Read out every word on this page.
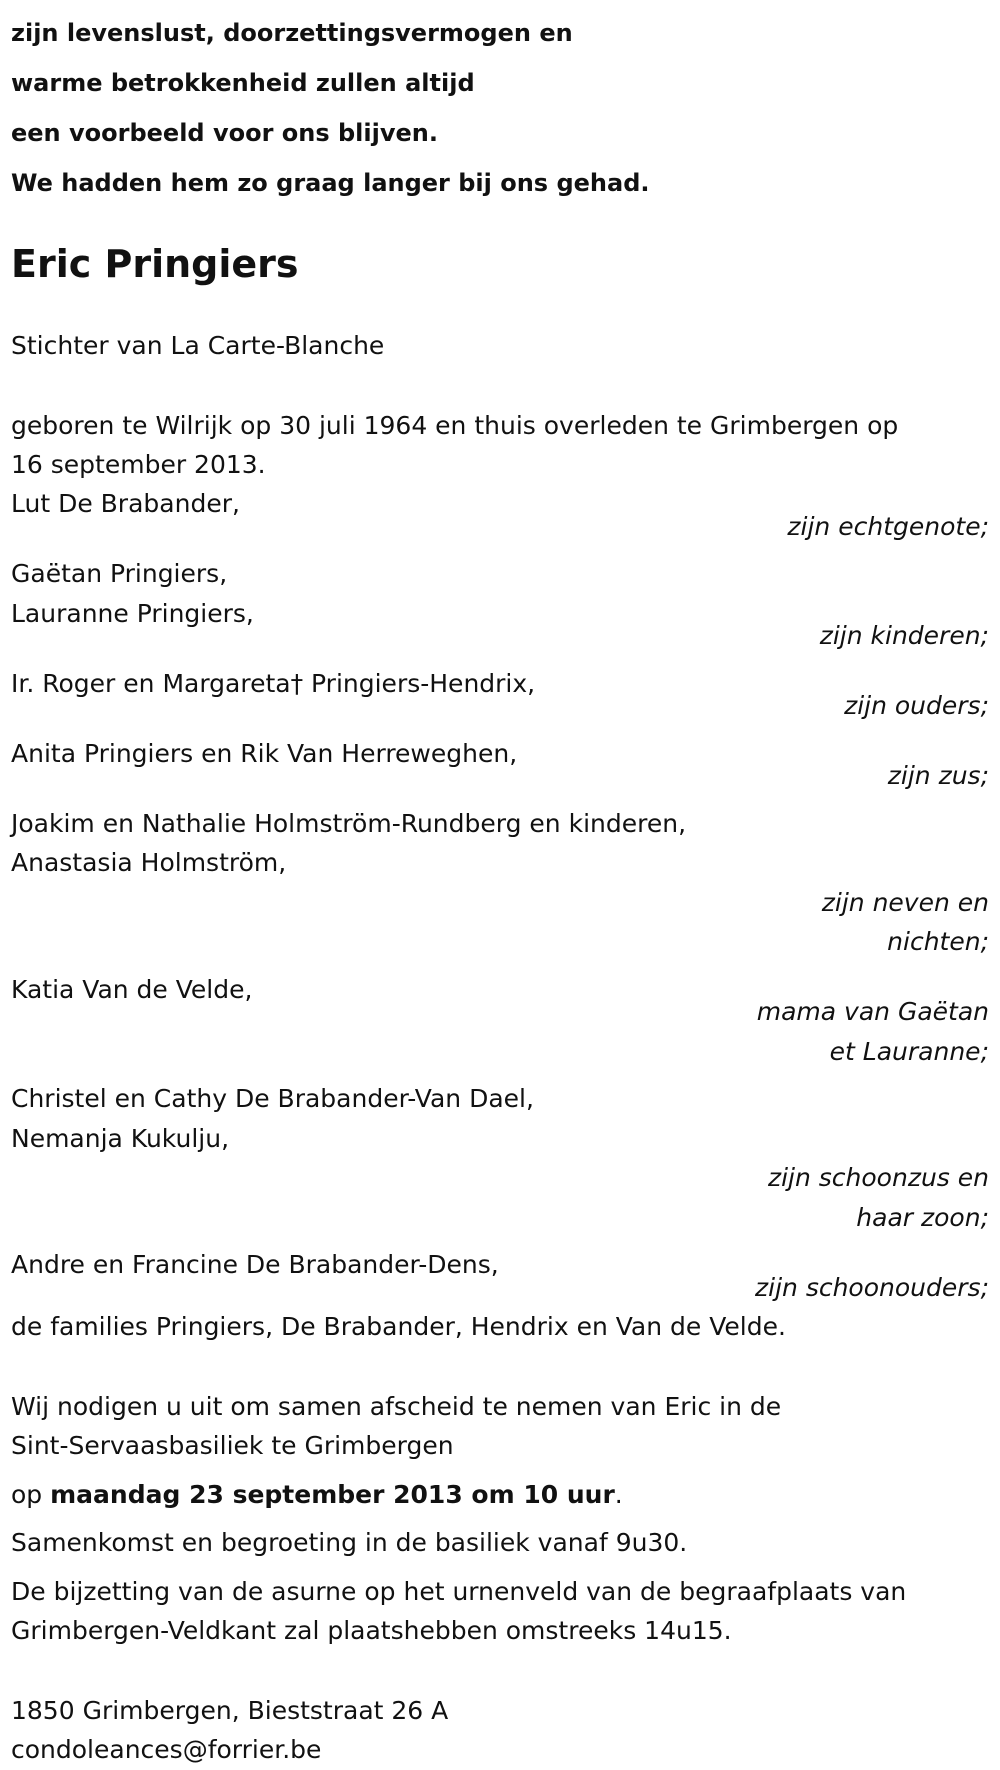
zijn levenslust, doorzettingsvermogen en
warme betrokkenheid zullen altijd
een voorbeeld voor ons blijven.
We hadden hem zo graag langer bij ons gehad.
Eric Pringiers
Stichter van La Carte-Blanche
geboren te Wilrijk op 30 juli 1964 en thuis overleden te Grimbergen op
16 september 2013.
Lut De Brabander,
zijn echtgenote;
Gaëtan Pringiers,
Lauranne Pringiers,
zijn kinderen;
Ir. Roger en Margareta† Pringiers-Hendrix,
zijn ouders;
Anita Pringiers en Rik Van Herreweghen,
zijn zus;
Joakim en Nathalie Holmström-Rundberg en kinderen,
Anastasia Holmström,
zijn neven en
nichten;
Katia Van de Velde,
mama van Gaëtan
et Lauranne;
Christel en Cathy De Brabander-Van Dael,
Nemanja Kukulju,
zijn schoonzus en
haar zoon;
Andre en Francine De Brabander-Dens,
zijn schoonouders;
de families Pringiers, De Brabander, Hendrix en Van de Velde.
Wij nodigen u uit om samen afscheid te nemen van Eric in de
Sint-Servaasbasiliek te Grimbergen
op maandag 23 september 2013 om 10 uur.
Samenkomst en begroeting in de basiliek vanaf 9u30.
De bijzetting van de asurne op het urnenveld van de begraafplaats van
Grimbergen-Veldkant zal plaatshebben omstreeks 14u15.
1850 Grimbergen, Bieststraat 26 A
condoleances@forrier.be
